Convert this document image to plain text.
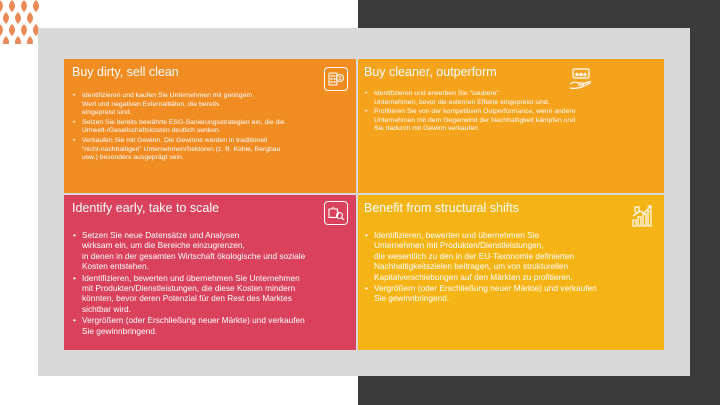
Buy dirty, sell clean	$
• Identifizieren und kaufen Sie Unternehmen mit geringem
Wert und negativen Externalitäten, die bereits
eingepreist sind.
• Setzen Sie bereits bewährte ESG-Sanierungsstrategien ein, die die
Umwelt-/Gesellschaftskosten deutlich senken.
• Verkaufen Sie mit Gewinn. Die Gewinne werden in traditionell
“nicht-nachhaltigen” Unternehmen/Sektoren (z. B. Kohle, Bergbau
usw.) besonders ausgeprägt sein.
Buy cleaner, outperform
• Identifizieren und erwerben Sie “saubere”
Unternehmen, bevor die externen Effekte eingepreist sind.
• Profitieren Sie von der kompetitiven Outperformance, wenn andere
Unternehmen mit dem Gegenwind der Nachhaltigkeit kämpfen und
Sie dadurch mit Gewinn verkaufen
Identify early, take to scale
• Setzen Sie neue Datensätze und Analysen
wirksam ein, um die Bereiche einzugrenzen,
in denen in der gesamten Wirtschaft ökologische und soziale
Kosten entstehen.
• Identifizieren, bewerten und übernehmen Sie Unternehmen
mit Produkten/Dienstleistungen, die diese Kosten mindern
könnten, bevor deren Potenzial für den Rest des Marktes
sichtbar wird.
• Vergrößern (oder Erschließung neuer Märkte) und verkaufen
Sie gewinnbringend.
Benefit from structural shifts
• Identifizieren, bewerten und übernehmen Sie
Unternehmen mit Produkten/Dienstleistungen,
die wesentlich zu den in der EU-Taxonomie definierten
Nachhaltigkeitszielen beitragen, um von strukturellen
Kapitalverschiebungen auf den Märkten zu profitieren.
• Vergrößern (oder Erschließung neuer Märkte) und verkaufen
Sie gewinnbringend.
